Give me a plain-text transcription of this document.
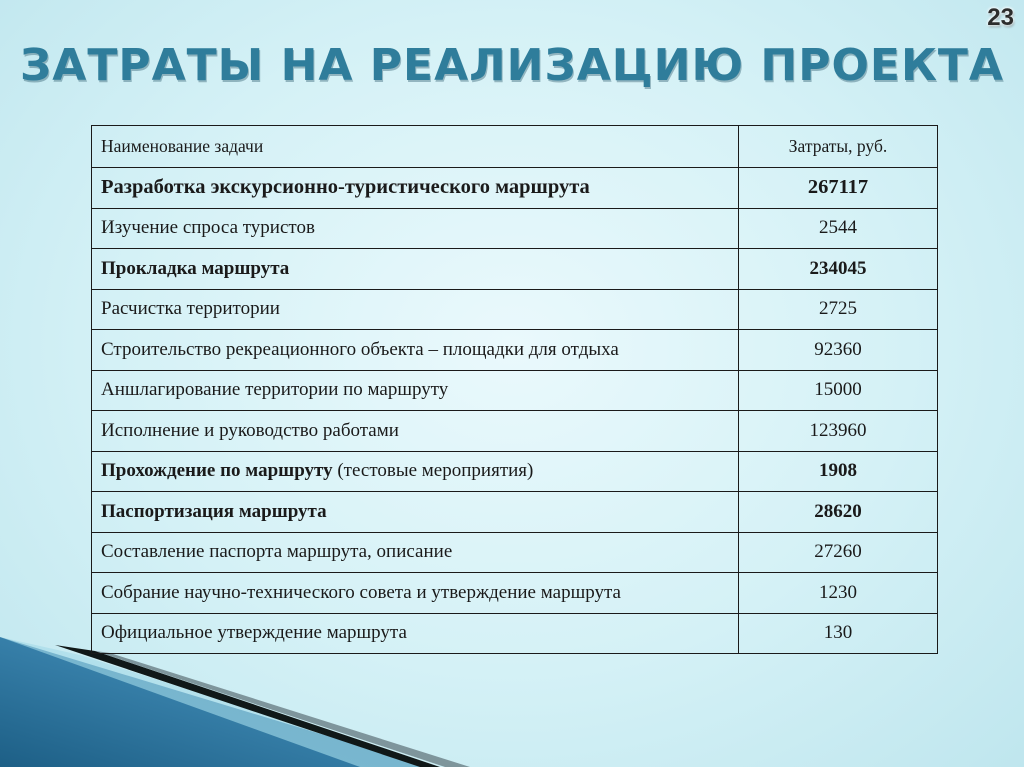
23
ЗАТРАТЫ НА РЕАЛИЗАЦИЮ ПРОЕКТА
Наименование задачи	Затраты, руб.
Разработка экскурсионно-туристического маршрута	267117
Изучение спроса туристов	2544
Прокладка маршрута	234045
Расчистка территории	2725
Строительство рекреационного объекта – площадки для отдыха	92360
Аншлагирование территории по маршруту	15000
Исполнение и руководство работами	123960
Прохождение по маршруту (тестовые мероприятия)	1908
Паспортизация маршрута	28620
Составление паспорта маршрута, описание	27260
Собрание научно-технического совета и утверждение маршрута	1230
Официальное утверждение маршрута	130
